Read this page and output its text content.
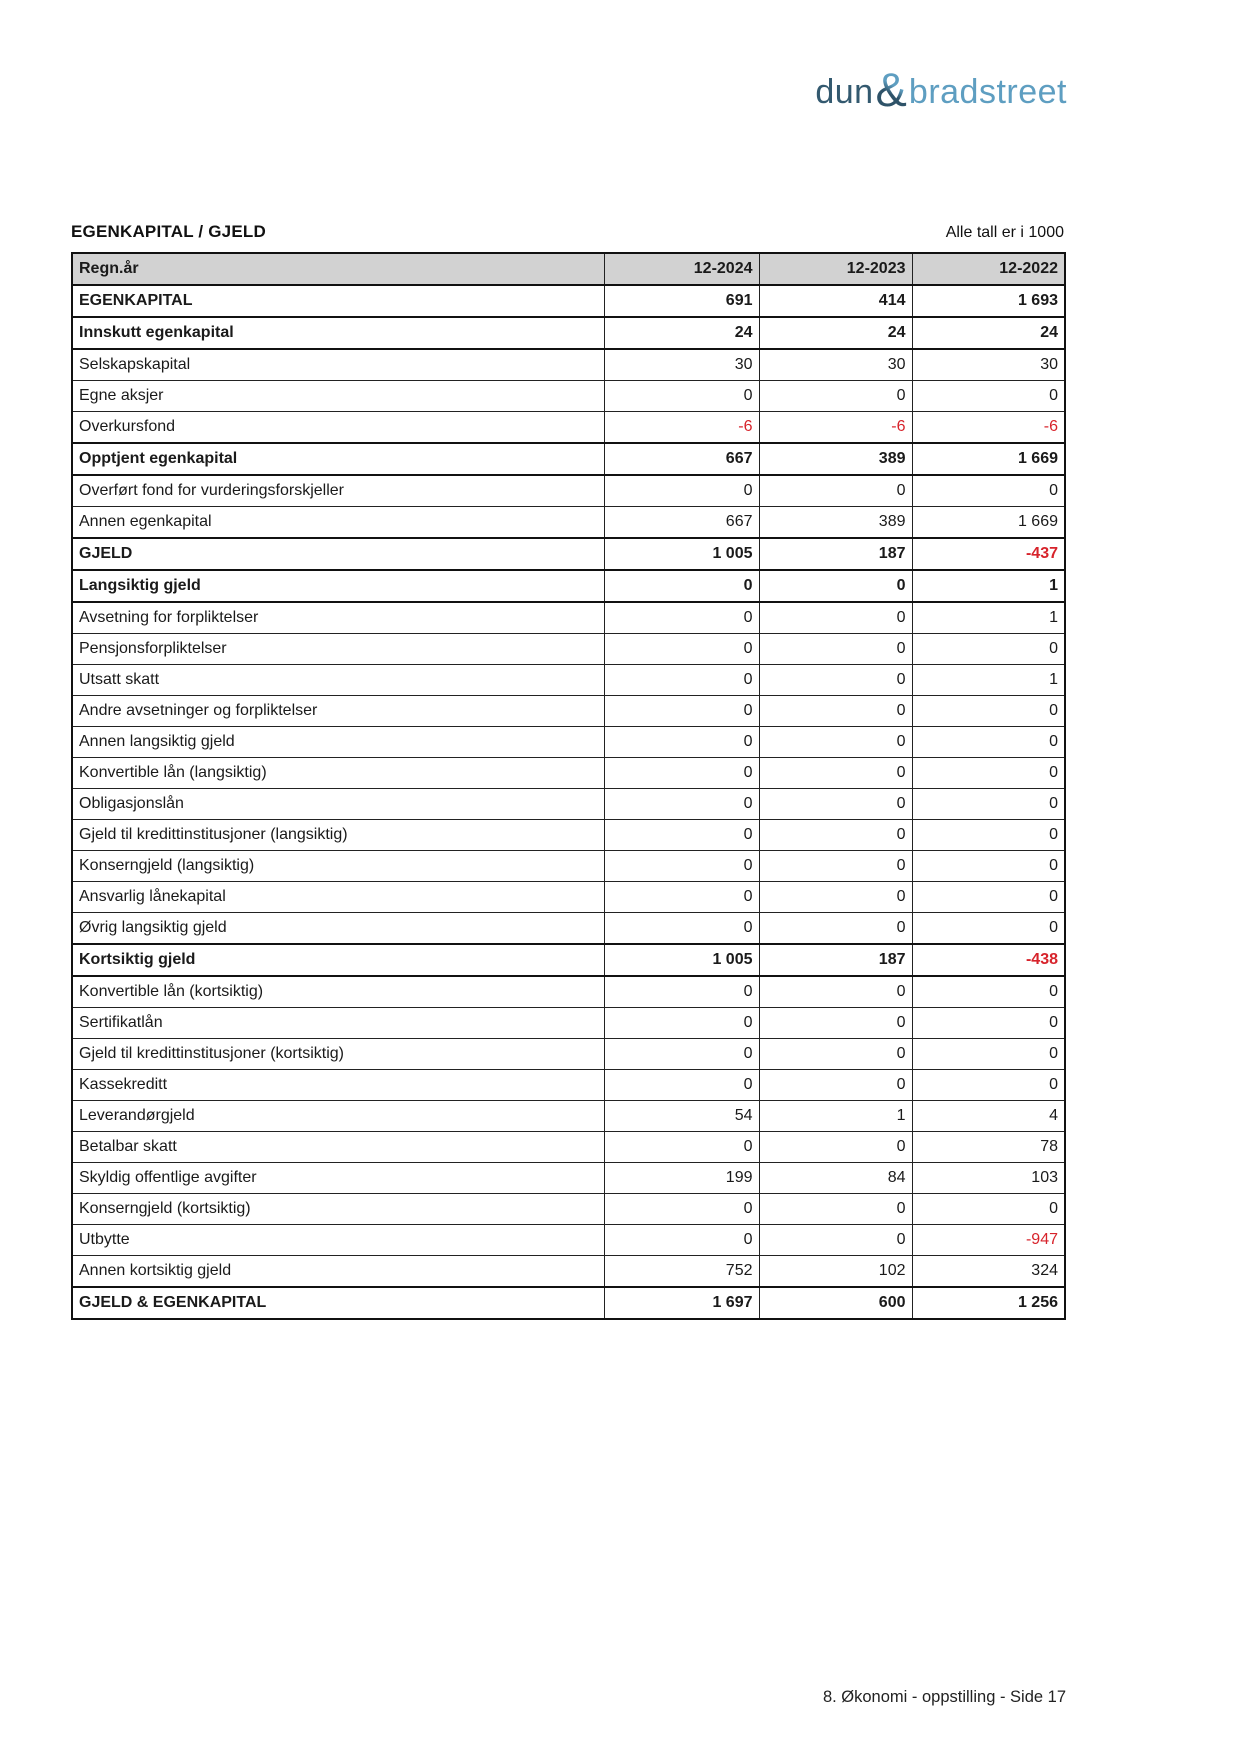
dun & bradstreet
EGENKAPITAL / GJELD	Alle tall er i 1000
Regn.år	12-2024	12-2023	12-2022
EGENKAPITAL	691	414	1 693
Innskutt egenkapital	24	24	24
Selskapskapital	30	30	30
Egne aksjer	0	0	0
Overkursfond	-6	-6	-6
Opptjent egenkapital	667	389	1 669
Overført fond for vurderingsforskjeller	0	0	0
Annen egenkapital	667	389	1 669
GJELD	1 005	187	-437
Langsiktig gjeld	0	0	1
Avsetning for forpliktelser	0	0	1
Pensjonsforpliktelser	0	0	0
Utsatt skatt	0	0	1
Andre avsetninger og forpliktelser	0	0	0
Annen langsiktig gjeld	0	0	0
Konvertible lån (langsiktig)	0	0	0
Obligasjonslån	0	0	0
Gjeld til kredittinstitusjoner (langsiktig)	0	0	0
Konserngjeld (langsiktig)	0	0	0
Ansvarlig lånekapital	0	0	0
Øvrig langsiktig gjeld	0	0	0
Kortsiktig gjeld	1 005	187	-438
Konvertible lån (kortsiktig)	0	0	0
Sertifikatlån	0	0	0
Gjeld til kredittinstitusjoner (kortsiktig)	0	0	0
Kassekreditt	0	0	0
Leverandørgjeld	54	1	4
Betalbar skatt	0	0	78
Skyldig offentlige avgifter	199	84	103
Konserngjeld (kortsiktig)	0	0	0
Utbytte	0	0	-947
Annen kortsiktig gjeld	752	102	324
GJELD & EGENKAPITAL	1 697	600	1 256
8. Økonomi - oppstilling - Side 17
